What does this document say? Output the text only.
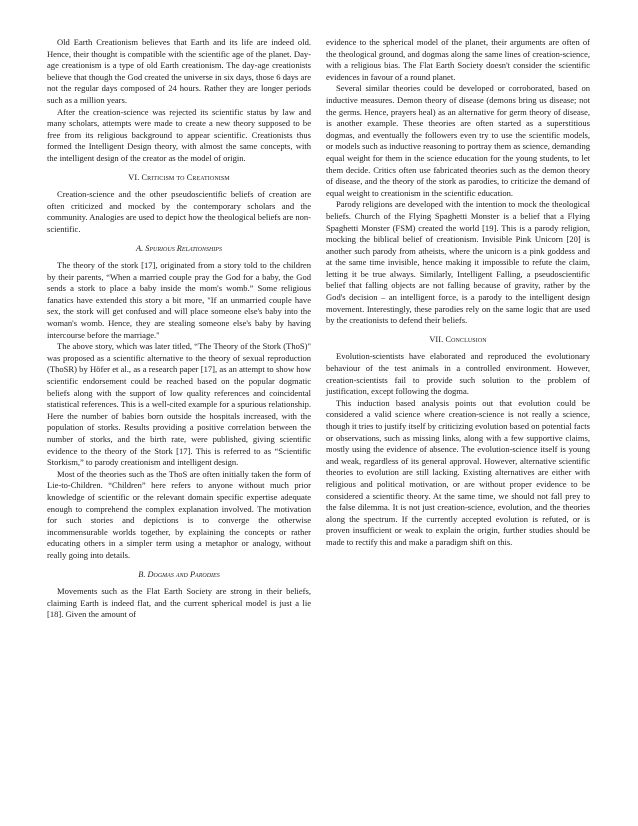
Old Earth Creationism believes that Earth and its life are indeed old. Hence, their thought is compatible with the scientific age of the planet. Day-age creationism is a type of old Earth creationism. The day-age creationists believe that though the God created the universe in six days, those 6 days are not the regular days composed of 24 hours. Rather they are longer periods such as a million years.

After the creation-science was rejected its scientific status by law and many scholars, attempts were made to create a new theory supposed to be free from its religious background to appear scientific. Creationists thus formed the Intelligent Design theory, with almost the same concepts, with the intelligent design of the creator as the model of origin.

VI. Criticism to Creationism

Creation-science and the other pseudoscientific beliefs of creation are often criticized and mocked by the contemporary scholars and the community. Analogies are used to depict how the theological beliefs are non-scientific.

A. Spurious Relationships

The theory of the stork [17], originated from a story told to the children by their parents, “When a married couple pray the God for a baby, the God sends a stork to place a baby inside the mom's womb.” Some religious fanatics have extended this story a bit more, "If an unmarried couple have sex, the stork will get confused and will place someone else's baby into the woman's womb. Hence, they are stealing someone else's baby by having intercourse before the marriage."

The above story, which was later titled, “The Theory of the Stork (ThoS)" was proposed as a scientific alternative to the theory of sexual reproduction (ThoSR) by Höfer et al., as a research paper [17], as an attempt to show how scientific endorsement could be reached based on the popular dogmatic beliefs along with the support of low quality references and coincidental statistical references. This is a well-cited example for a spurious relationship. Here the number of babies born outside the hospitals increased, with the population of storks. Results providing a positive correlation between the number of storks, and the birth rate, were published, giving scientific evidence to the theory of the Stork [17]. This is referred to as “Scientific Storkism,” to parody creationism and intelligent design.

Most of the theories such as the ThoS are often initially taken the form of Lie-to-Children. “Children” here refers to anyone without much prior knowledge of scientific or the relevant domain specific expertise adequate enough to comprehend the complex explanation involved. The motivation for such stories and depictions is to converge the otherwise incommensurable worlds together, by explaining the concepts or rather educating others in a simpler term using a metaphor or analogy, without really going into details.

B. Dogmas and Parodies

Movements such as the Flat Earth Society are strong in their beliefs, claiming Earth is indeed flat, and the current spherical model is just a lie [18]. Given the amount of

evidence to the spherical model of the planet, their arguments are often of the theological ground, and dogmas along the same lines of creation-science, with a religious bias. The Flat Earth Society doesn't consider the scientific evidences in favour of a round planet.

Several similar theories could be developed or corroborated, based on inductive measures. Demon theory of disease (demons bring us disease; not the germs. Hence, prayers heal) as an alternative for germ theory of disease, is another example. These theories are often started as a superstitious dogmas, and eventually the followers even try to use the scientific models, or models such as inductive reasoning to portray them as science, demanding equal weight for them in the science education for the young students, to let them decide. Critics often use fabricated theories such as the demon theory of disease, and the theory of the stork as parodies, to criticize the demand of equal weight to creationism in the scientific education.

Parody religions are developed with the intention to mock the theological beliefs. Church of the Flying Spaghetti Monster is a belief that a Flying Spaghetti Monster (FSM) created the world [19]. This is a parody religion, mocking the biblical belief of creationism. Invisible Pink Unicorn [20] is another such parody from atheists, where the unicorn is a pink goddess and at the same time invisible, hence making it impossible to refute the claim, letting it be true always. Similarly, Intelligent Falling, a pseudoscientific belief that falling objects are not falling because of gravity, rather by the God's decision – an intelligent force, is a parody to the intelligent design movement. Interestingly, these parodies rely on the same logic that are used by the creationists to defend their beliefs.

VII. Conclusion

Evolution-scientists have elaborated and reproduced the evolutionary behaviour of the test animals in a controlled environment. However, creation-scientists fail to provide such solution to the problem of justification, except following the dogma.

This induction based analysis points out that evolution could be considered a valid science where creation-science is not really a science, though it tries to justify itself by criticizing evolution based on potential facts or observations, such as missing links, along with a few supportive claims, mostly using the evidence of absence. The evolution-science itself is young and weak, regardless of its general approval. However, alternative scientific theories to evolution are still lacking. Existing alternatives are either with religious and political motivation, or are without proper evidence to be considered a scientific theory. At the same time, we should not fall prey to the false dilemma. It is not just creation-science, evolution, and the theories along the spectrum. If the currently accepted evolution is refuted, or is proven insufficient or weak to explain the origin, further studies should be made to rectify this and make a paradigm shift on this.
